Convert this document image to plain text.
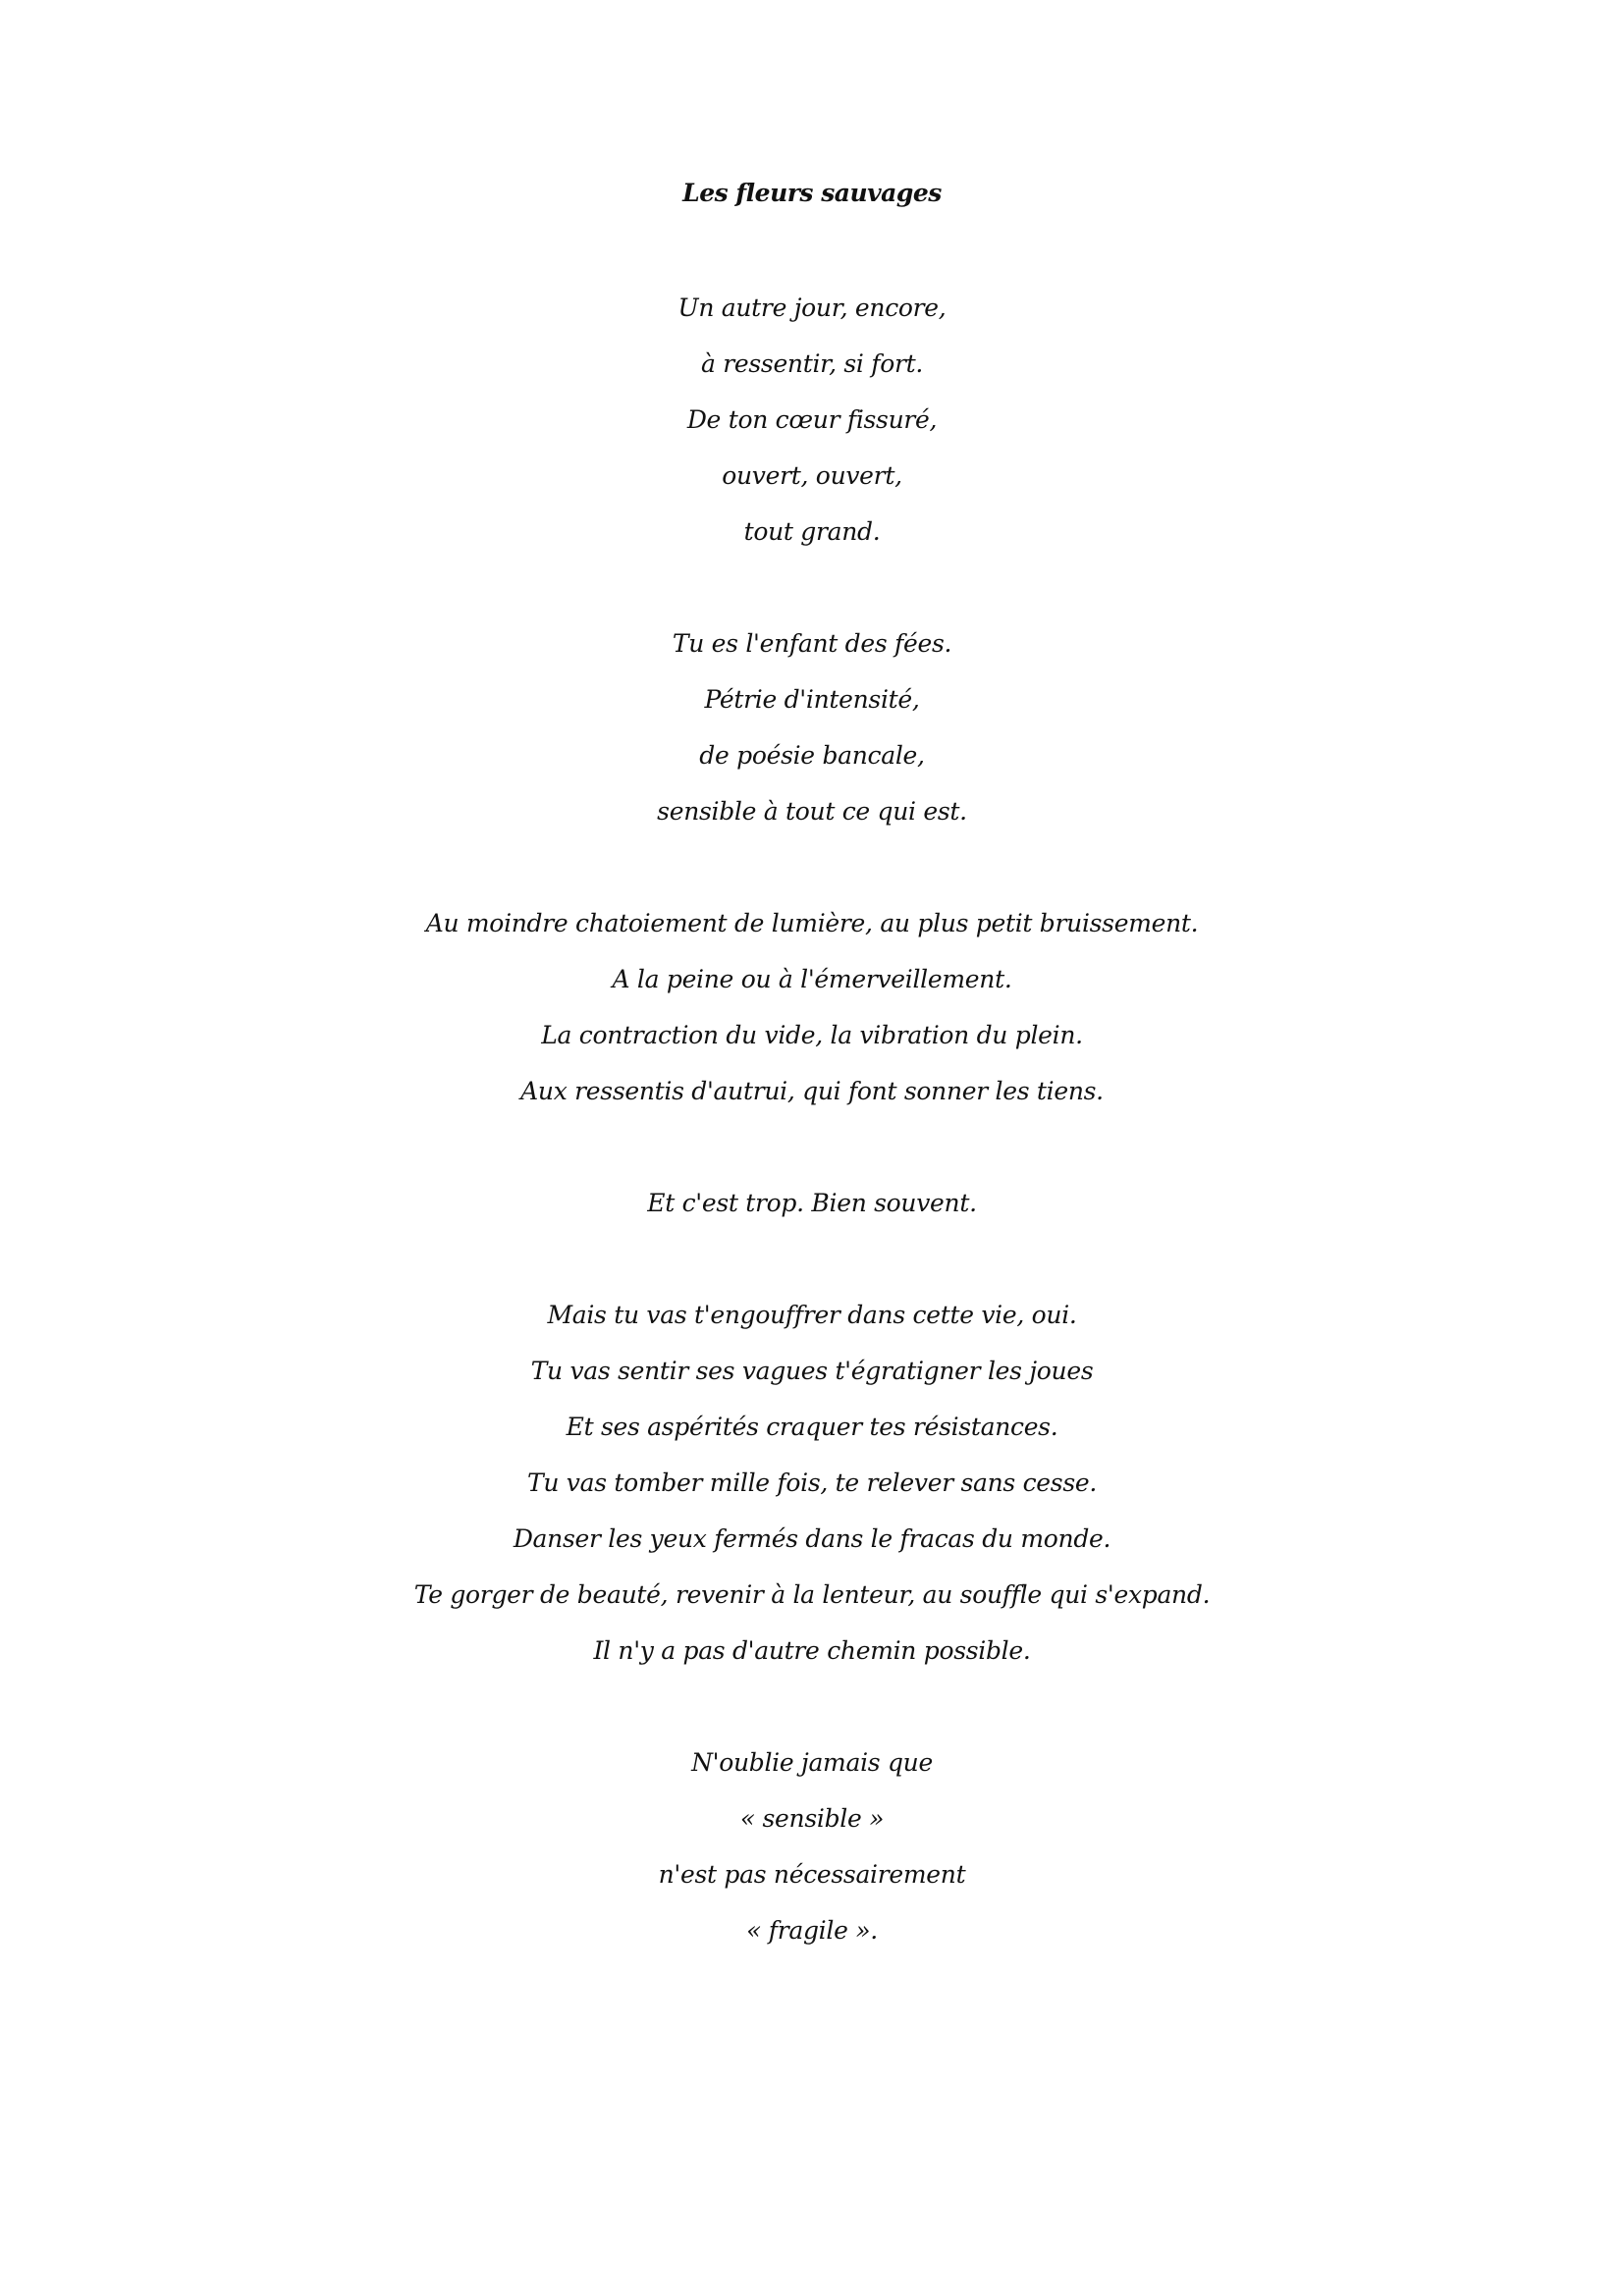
Les fleurs sauvages
Un autre jour, encore,
à ressentir, si fort.
De ton cœur fissuré,
ouvert, ouvert,
tout grand.
Tu es l'enfant des fées.
Pétrie d'intensité,
de poésie bancale,
sensible à tout ce qui est.
Au moindre chatoiement de lumière, au plus petit bruissement.
A la peine ou à l'émerveillement.
La contraction du vide, la vibration du plein.
Aux ressentis d'autrui, qui font sonner les tiens.
Et c'est trop. Bien souvent.
Mais tu vas t'engouffrer dans cette vie, oui.
Tu vas sentir ses vagues t'égratigner les joues
Et ses aspérités craquer tes résistances.
Tu vas tomber mille fois, te relever sans cesse.
Danser les yeux fermés dans le fracas du monde.
Te gorger de beauté, revenir à la lenteur, au souffle qui s'expand.
Il n'y a pas d'autre chemin possible.
N'oublie jamais que
« sensible »
n'est pas nécessairement
« fragile ».
